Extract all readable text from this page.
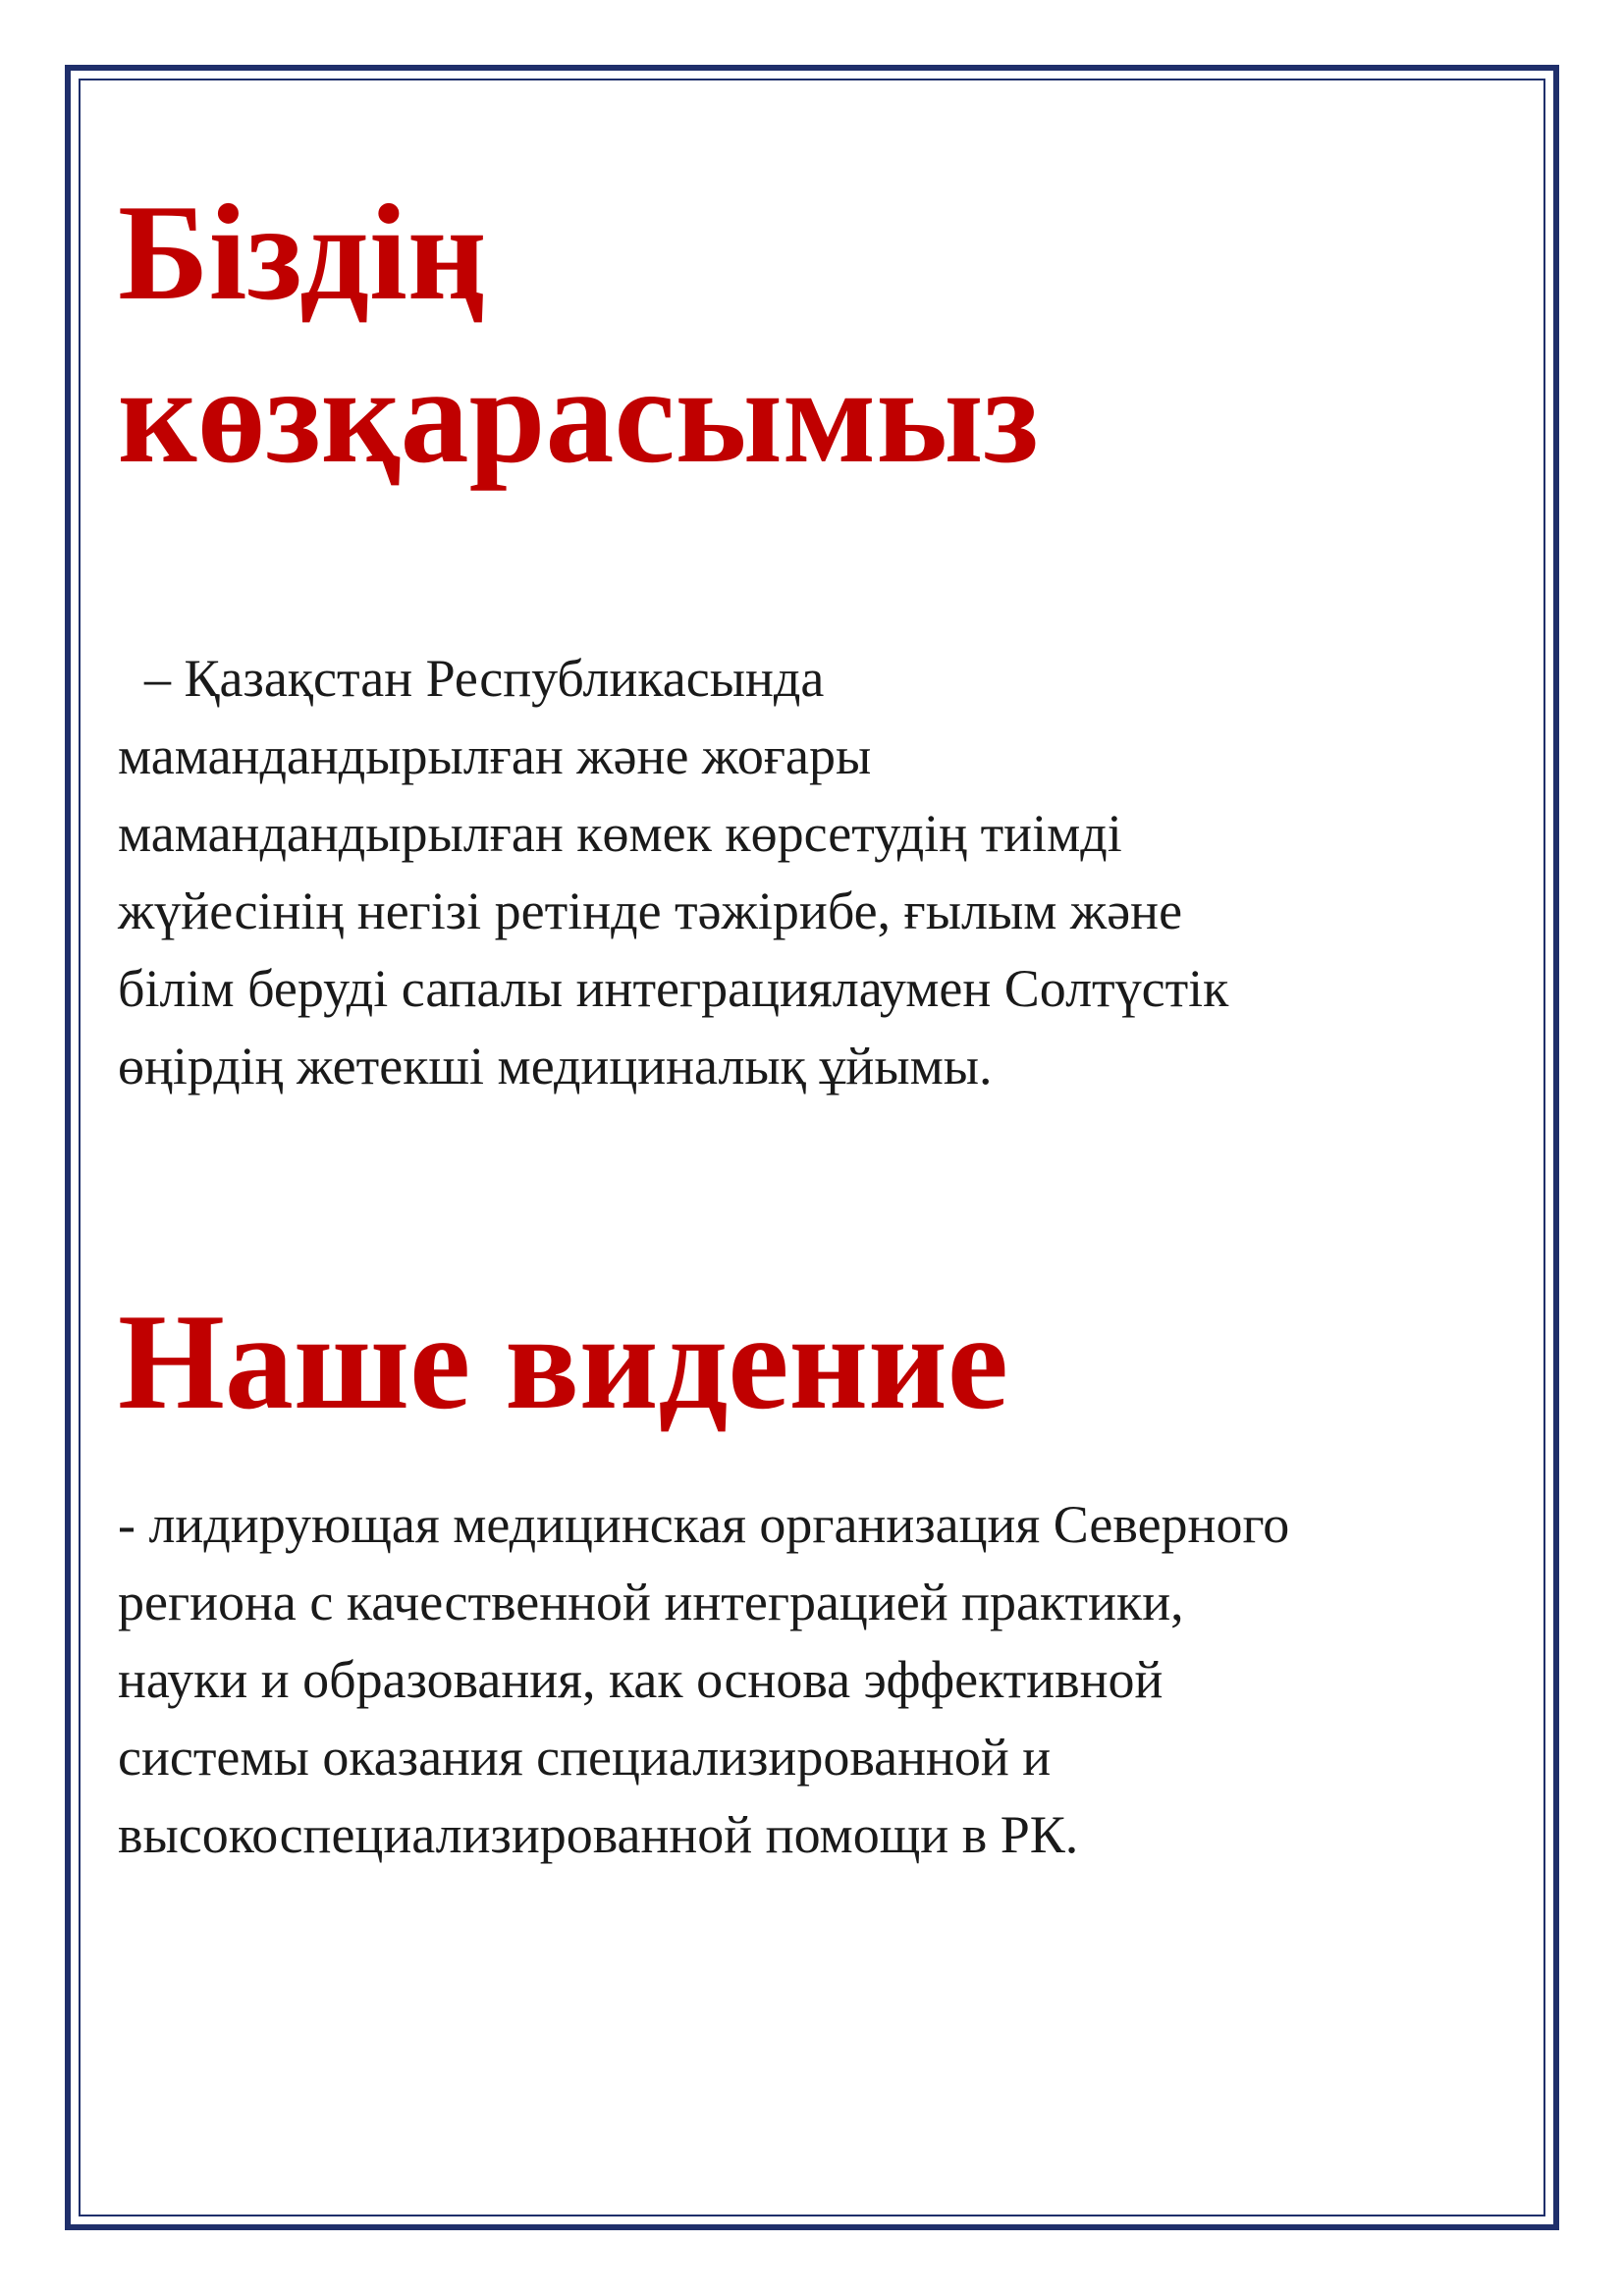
Біздің
көзқарасымыз
– Қазақстан Республикасында
мамандандырылған және жоғары
мамандандырылған көмек көрсетудің тиімді
жүйесінің негізі ретінде тәжірибе, ғылым және
білім беруді сапалы интеграциялаумен Солтүстік
өңірдің жетекші медициналық ұйымы.
Наше видение
- лидирующая медицинская организация Северного
региона с качественной интеграцией практики,
науки и образования, как основа эффективной
системы оказания специализированной и
высокоспециализированной помощи в РК.
